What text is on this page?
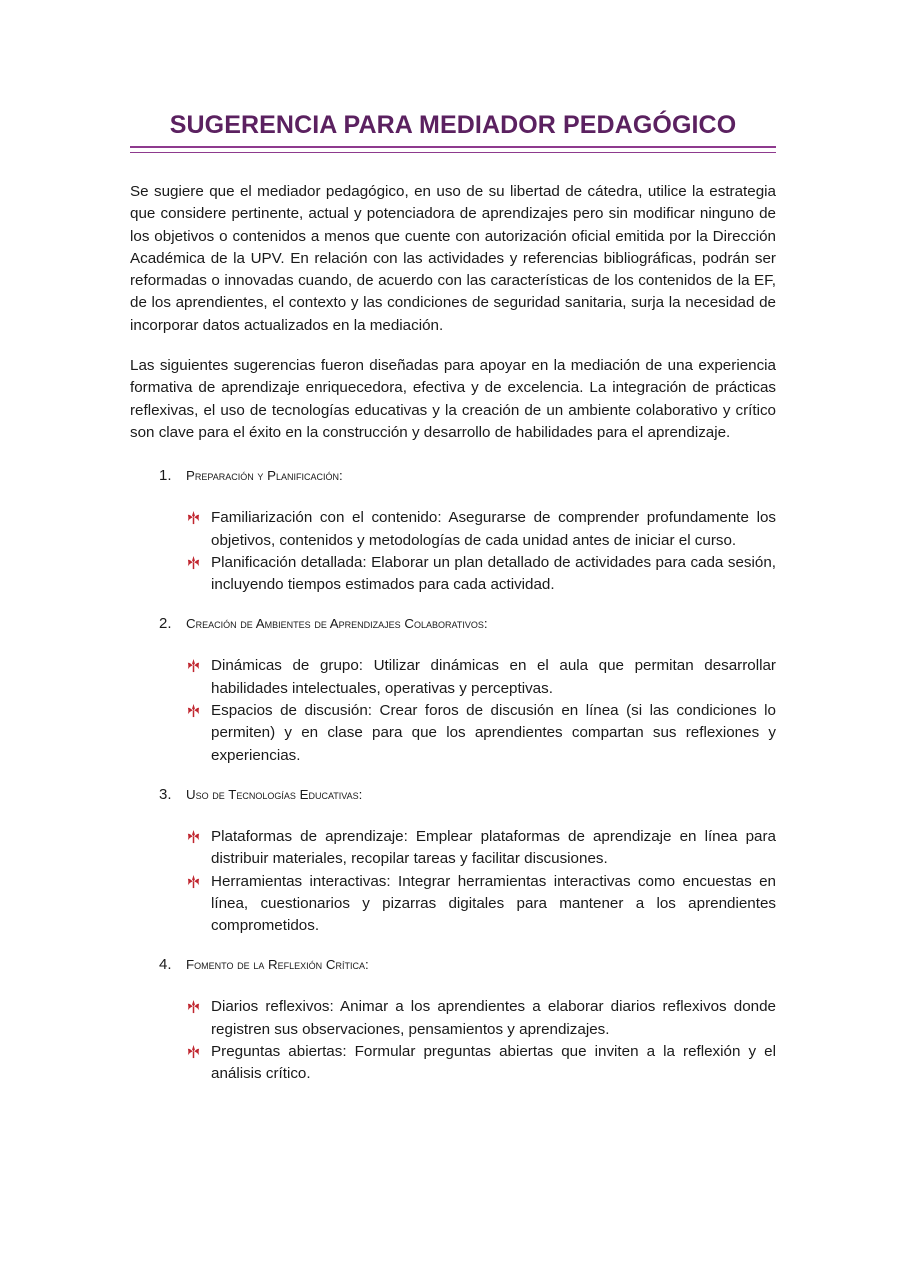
SUGERENCIA PARA MEDIADOR PEDAGÓGICO

Se sugiere que el mediador pedagógico, en uso de su libertad de cátedra, utilice la estrategia que considere pertinente, actual y potenciadora de aprendizajes pero sin modificar ninguno de los objetivos o contenidos a menos que cuente con autorización oficial emitida por la Dirección Académica de la UPV. En relación con las actividades y referencias bibliográficas, podrán ser reformadas o innovadas cuando, de acuerdo con las características de los contenidos de la EF, de los aprendientes, el contexto y las condiciones de seguridad sanitaria, surja la necesidad de incorporar datos actualizados en la mediación.

Las siguientes sugerencias fueron diseñadas para apoyar en la mediación de una experiencia formativa de aprendizaje enriquecedora, efectiva y de excelencia. La integración de prácticas reflexivas, el uso de tecnologías educativas y la creación de un ambiente colaborativo y crítico son clave para el éxito en la construcción y desarrollo de habilidades para el aprendizaje.

1.	Preparación y Planificación:
Familiarización con el contenido: Asegurarse de comprender profundamente los objetivos, contenidos y metodologías de cada unidad antes de iniciar el curso.
Planificación detallada: Elaborar un plan detallado de actividades para cada sesión, incluyendo tiempos estimados para cada actividad.
2.	Creación de Ambientes de Aprendizajes Colaborativos:
Dinámicas de grupo: Utilizar dinámicas en el aula que permitan desarrollar habilidades intelectuales, operativas y perceptivas.
Espacios de discusión: Crear foros de discusión en línea (si las condiciones lo permiten) y en clase para que los aprendientes compartan sus reflexiones y experiencias.
3.	Uso de Tecnologías Educativas:
Plataformas de aprendizaje: Emplear plataformas de aprendizaje en línea para distribuir materiales, recopilar tareas y facilitar discusiones.
Herramientas interactivas: Integrar herramientas interactivas como encuestas en línea, cuestionarios y pizarras digitales para mantener a los aprendientes comprometidos.
4.	Fomento de la Reflexión Crítica:
Diarios reflexivos: Animar a los aprendientes a elaborar diarios reflexivos donde registren sus observaciones, pensamientos y aprendizajes.
Preguntas abiertas: Formular preguntas abiertas que inviten a la reflexión y el análisis crítico.
